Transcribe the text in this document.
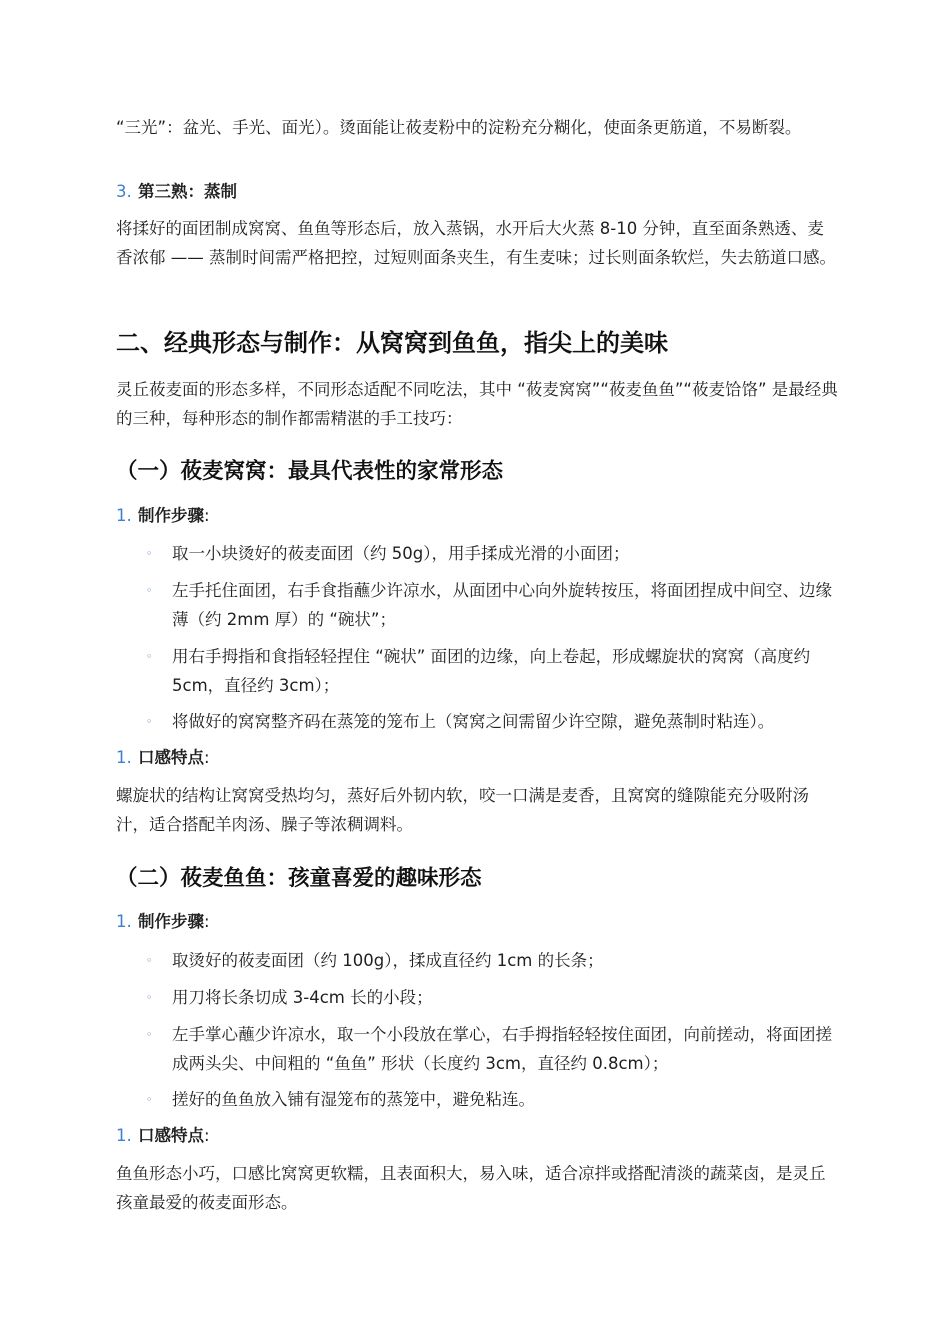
“三光”：盆光、手光、面光）。烫面能让莜麦粉中的淀粉充分糊化，使面条更筋道，不易断裂。

3. 第三熟：蒸制

将揉好的面团制成窝窝、鱼鱼等形态后，放入蒸锅，水开后大火蒸 8-10 分钟，直至面条熟透、麦香浓郁 —— 蒸制时间需严格把控，过短则面条夹生，有生麦味；过长则面条软烂，失去筋道口感。

二、经典形态与制作：从窝窝到鱼鱼，指尖上的美味

灵丘莜麦面的形态多样，不同形态适配不同吃法，其中 “莜麦窝窝”“莜麦鱼鱼”“莜麦饸饹” 是最经典的三种，每种形态的制作都需精湛的手工技巧：

（一）莜麦窝窝：最具代表性的家常形态
1. 制作步骤:
◦ 取一小块烫好的莜麦面团（约 50g），用手揉成光滑的小面团；
◦ 左手托住面团，右手食指蘸少许凉水，从面团中心向外旋转按压，将面团捏成中间空、边缘薄（约 2mm 厚）的 “碗状”；
◦ 用右手拇指和食指轻轻捏住 “碗状” 面团的边缘，向上卷起，形成螺旋状的窝窝（高度约 5cm，直径约 3cm）；
◦ 将做好的窝窝整齐码在蒸笼的笼布上（窝窝之间需留少许空隙，避免蒸制时粘连）。
1. 口感特点:

螺旋状的结构让窝窝受热均匀，蒸好后外韧内软，咬一口满是麦香，且窝窝的缝隙能充分吸附汤汁，适合搭配羊肉汤、臊子等浓稠调料。

（二）莜麦鱼鱼：孩童喜爱的趣味形态
1. 制作步骤:
◦ 取烫好的莜麦面团（约 100g），揉成直径约 1cm 的长条；
◦ 用刀将长条切成 3-4cm 长的小段；
◦ 左手掌心蘸少许凉水，取一个小段放在掌心，右手拇指轻轻按住面团，向前搓动，将面团搓成两头尖、中间粗的 “鱼鱼” 形状（长度约 3cm，直径约 0.8cm）；
◦ 搓好的鱼鱼放入铺有湿笼布的蒸笼中，避免粘连。
1. 口感特点:

鱼鱼形态小巧，口感比窝窝更软糯，且表面积大，易入味，适合凉拌或搭配清淡的蔬菜卤，是灵丘孩童最爱的莜麦面形态。
